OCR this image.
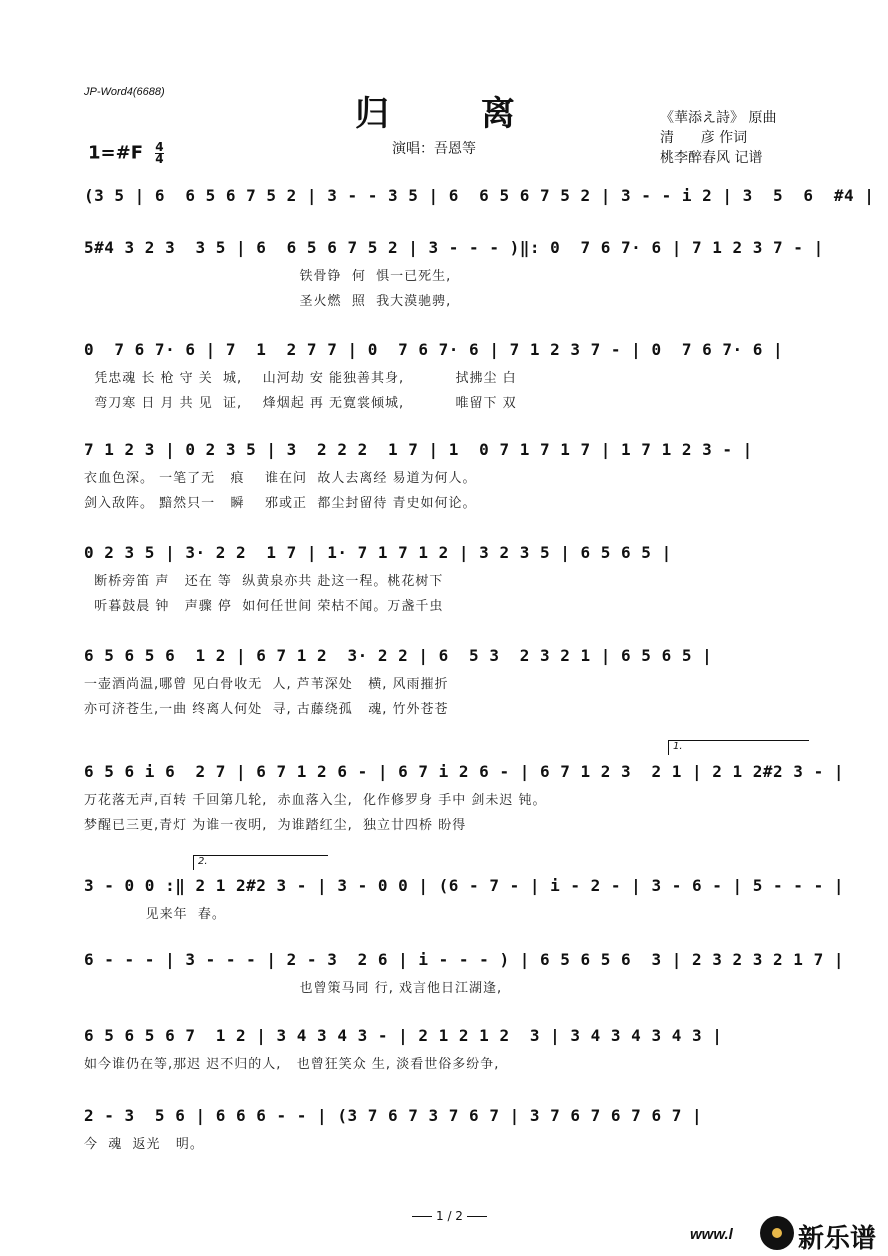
JP-Word4(6688)
归 离
1=#F $\frac{4}{4}$	演唱：吾恩等
《華添え詩》 原曲
清      彦 作词
桃李醉春风 记谱
(3 5 | 6  6 5 6 7 5 2 | 3 - - 3 5 | 6  6 5 6 7 5 2 | 3 - - i 2 | 3  5  6  #4 |
5#4 3 2 3  3 5 | 6  6 5 6 7 5 2 | 3 - - - )‖: 0  7 6 7· 6 | 7 1 2 3 7 - |
铁骨铮  何  惧一已死生,
圣火燃  照  我大漠驰骋,
0  7 6 7· 6 | 7  1  2 7 7 | 0  7 6 7· 6 | 7 1 2 3 7 - | 0  7 6 7· 6 |
凭忠魂 长 枪 守 关  城,    山河劫 安 能独善其身,          拭拂尘 白
弯刀寒 日 月 共 见  证,    烽烟起 再 无寛裳倾城,          唯留下 双
7 1 2 3 | 0 2 3 5 | 3  2 2 2  1 7 | 1  0 7 1 7 1 7 | 1 7 1 2 3 - |
衣血色深。 一笔了无   痕    谁在问  故人去离经 易道为何人。
剑入敌阵。 黯然只一   瞬    邪或正  都尘封留待 青史如何论。
0 2 3 5 | 3· 2 2  1 7 | 1· 7 1 7 1 2 | 3 2 3 5 | 6 5 6 5 |
断桥旁笛 声   还在 等  纵黄泉亦共 赴这一程。桃花树下
听暮鼓晨 钟   声骤 停  如何任世间 荣枯不闻。万盏千虫
6 5 6 5 6  1 2 | 6 7 1 2  3· 2 2 | 6  5 3  2 3 2 1 | 6 5 6 5 |
一壶酒尚温,哪曾 见白骨收无  人, 芦苇深处   横, 风雨摧折
亦可济苍生,一曲 终离人何处  寻, 古藤绕孤   魂, 竹外苍苍
1.
6 5 6 i 6  2 7 | 6 7 1 2 6 - | 6 7 i 2 6 - | 6 7 1 2 3  2 1 | 2 1 2#2 3 - |
万花落无声,百转 千回第几轮,  赤血落入尘,  化作修罗身 手中 剑未迟 钝。
梦醒已三更,青灯 为谁一夜明,  为谁踏红尘,  独立廿四桥 盼得
2.
3 - 0 0 :‖ 2 1 2#2 3 - | 3 - 0 0 | (6 - 7 - | i - 2 - | 3 - 6 - | 5 - - - |
见来年  春。
6 - - - | 3 - - - | 2 - 3  2 6 | i - - - ) | 6 5 6 5 6  3 | 2 3 2 3 2 1 7 |
也曾策马同 行, 戏言他日江湖逢,
6 5 6 5 6 7  1 2 | 3 4 3 4 3 - | 2 1 2 1 2  3 | 3 4 3 4 3 4 3 |
如今谁仍在等,那迟 迟不归的人,   也曾狂笑众 生, 淡看世俗多纷争,
2 - 3  5 6 | 6 6 6 - - | (3 7 6 7 3 7 6 7 | 3 7 6 7 6 7 6 7 |
今  魂  返光   明。
1 / 2
www.l	新乐谱
